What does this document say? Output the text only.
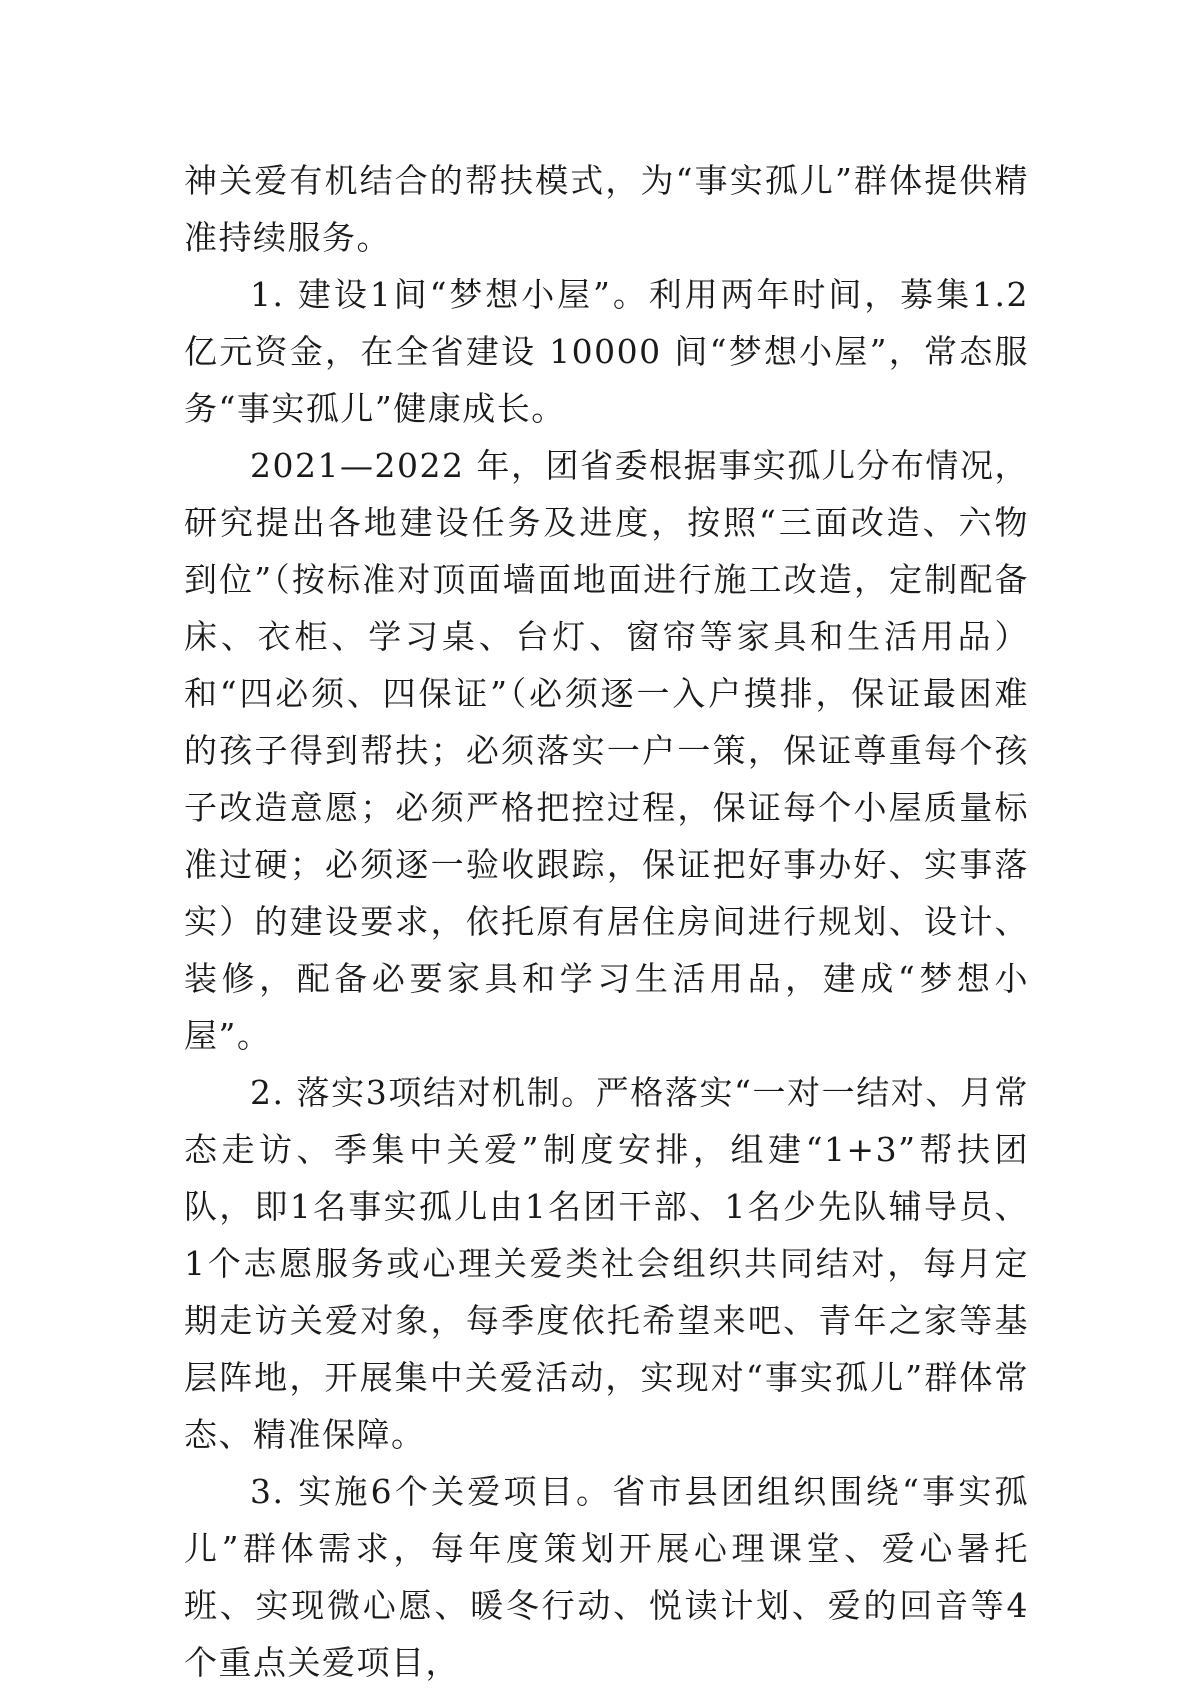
神关爱有机结合的帮扶模式，为“事实孤儿”群体提供精准持续服务。

1. 建设1间“梦想小屋”。利用两年时间，募集1.2亿元资金，在全省建设 10000 间“梦想小屋”，常态服务“事实孤儿”健康成长。

2021—2022 年，团省委根据事实孤儿分布情况，研究提出各地建设任务及进度，按照“三面改造、六物到位”（按标准对顶面墙面地面进行施工改造，定制配备床、衣柜、学习桌、台灯、窗帘等家具和生活用品）和“四必须、四保证”（必须逐一入户摸排，保证最困难的孩子得到帮扶；必须落实一户一策，保证尊重每个孩子改造意愿；必须严格把控过程，保证每个小屋质量标准过硬；必须逐一验收跟踪，保证把好事办好、实事落实）的建设要求，依托原有居住房间进行规划、设计、装修，配备必要家具和学习生活用品，建成“梦想小屋”。

2. 落实3项结对机制。严格落实“一对一结对、月常态走访、季集中关爱”制度安排，组建“1+3”帮扶团队，即1名事实孤儿由1名团干部、1名少先队辅导员、1个志愿服务或心理关爱类社会组织共同结对，每月定期走访关爱对象，每季度依托希望来吧、青年之家等基层阵地，开展集中关爱活动，实现对“事实孤儿”群体常态、精准保障。

3. 实施6个关爱项目。省市县团组织围绕“事实孤儿”群体需求，每年度策划开展心理课堂、爱心暑托班、实现微心愿、暖冬行动、悦读计划、爱的回音等4个重点关爱项目，
